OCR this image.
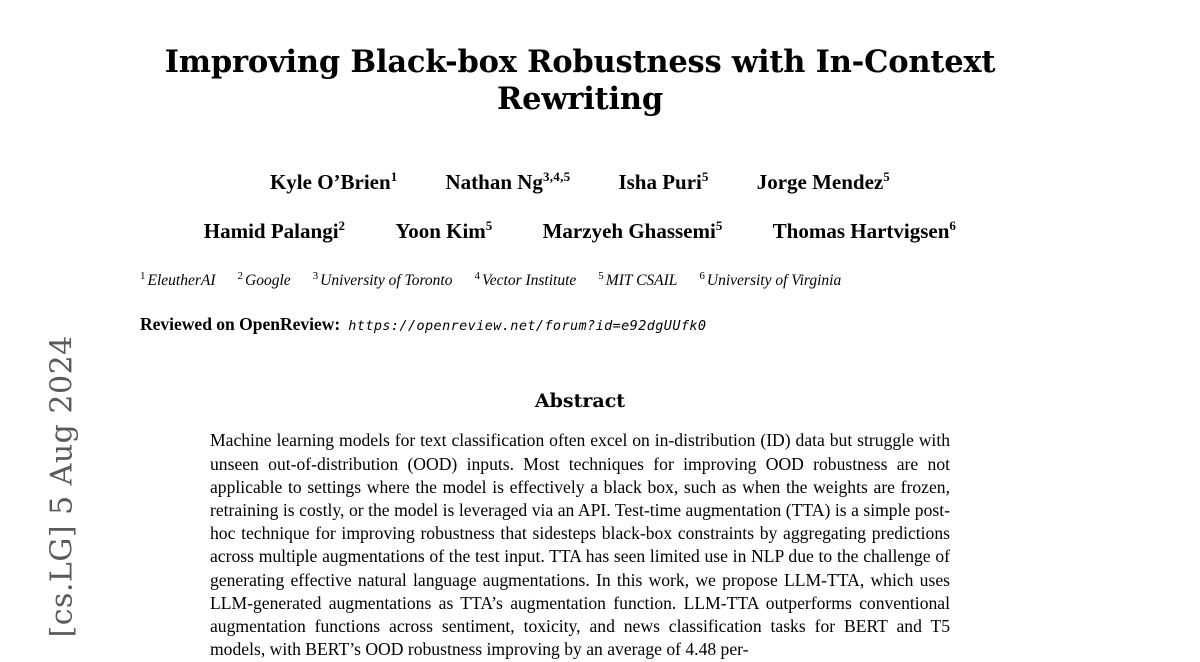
[cs.LG] 5 Aug 2024
Improving Black-box Robustness with In-Context Rewriting
Kyle O’Brien$^1$ Nathan Ng$^{3,4,5}$ Isha Puri$^5$ Jorge Mendez$^5$
Hamid Palangi$^2$ Yoon Kim$^5$ Marzyeh Ghassemi$^5$ Thomas Hartvigsen$^6$
$^1$ EleutherAI $^2$ Google $^3$ University of Toronto $^4$ Vector Institute $^5$ MIT CSAIL $^6$ University of Virginia
Reviewed on OpenReview: https://openreview.net/forum?id=e92dgUUfk0
Abstract
Machine learning models for text classification often excel on in-distribution (ID) data but struggle with unseen out-of-distribution (OOD) inputs. Most techniques for improving OOD robustness are not applicable to settings where the model is effectively a black box, such as when the weights are frozen, retraining is costly, or the model is leveraged via an API. Test-time augmentation (TTA) is a simple post-hoc technique for improving robustness that sidesteps black-box constraints by aggregating predictions across multiple augmentations of the test input. TTA has seen limited use in NLP due to the challenge of generating effective natural language augmentations. In this work, we propose LLM-TTA, which uses LLM-generated augmentations as TTA’s augmentation function. LLM-TTA outperforms conventional augmentation functions across sentiment, toxicity, and news classification tasks for BERT and T5 models, with BERT’s OOD robustness improving by an average of 4.48 per-
